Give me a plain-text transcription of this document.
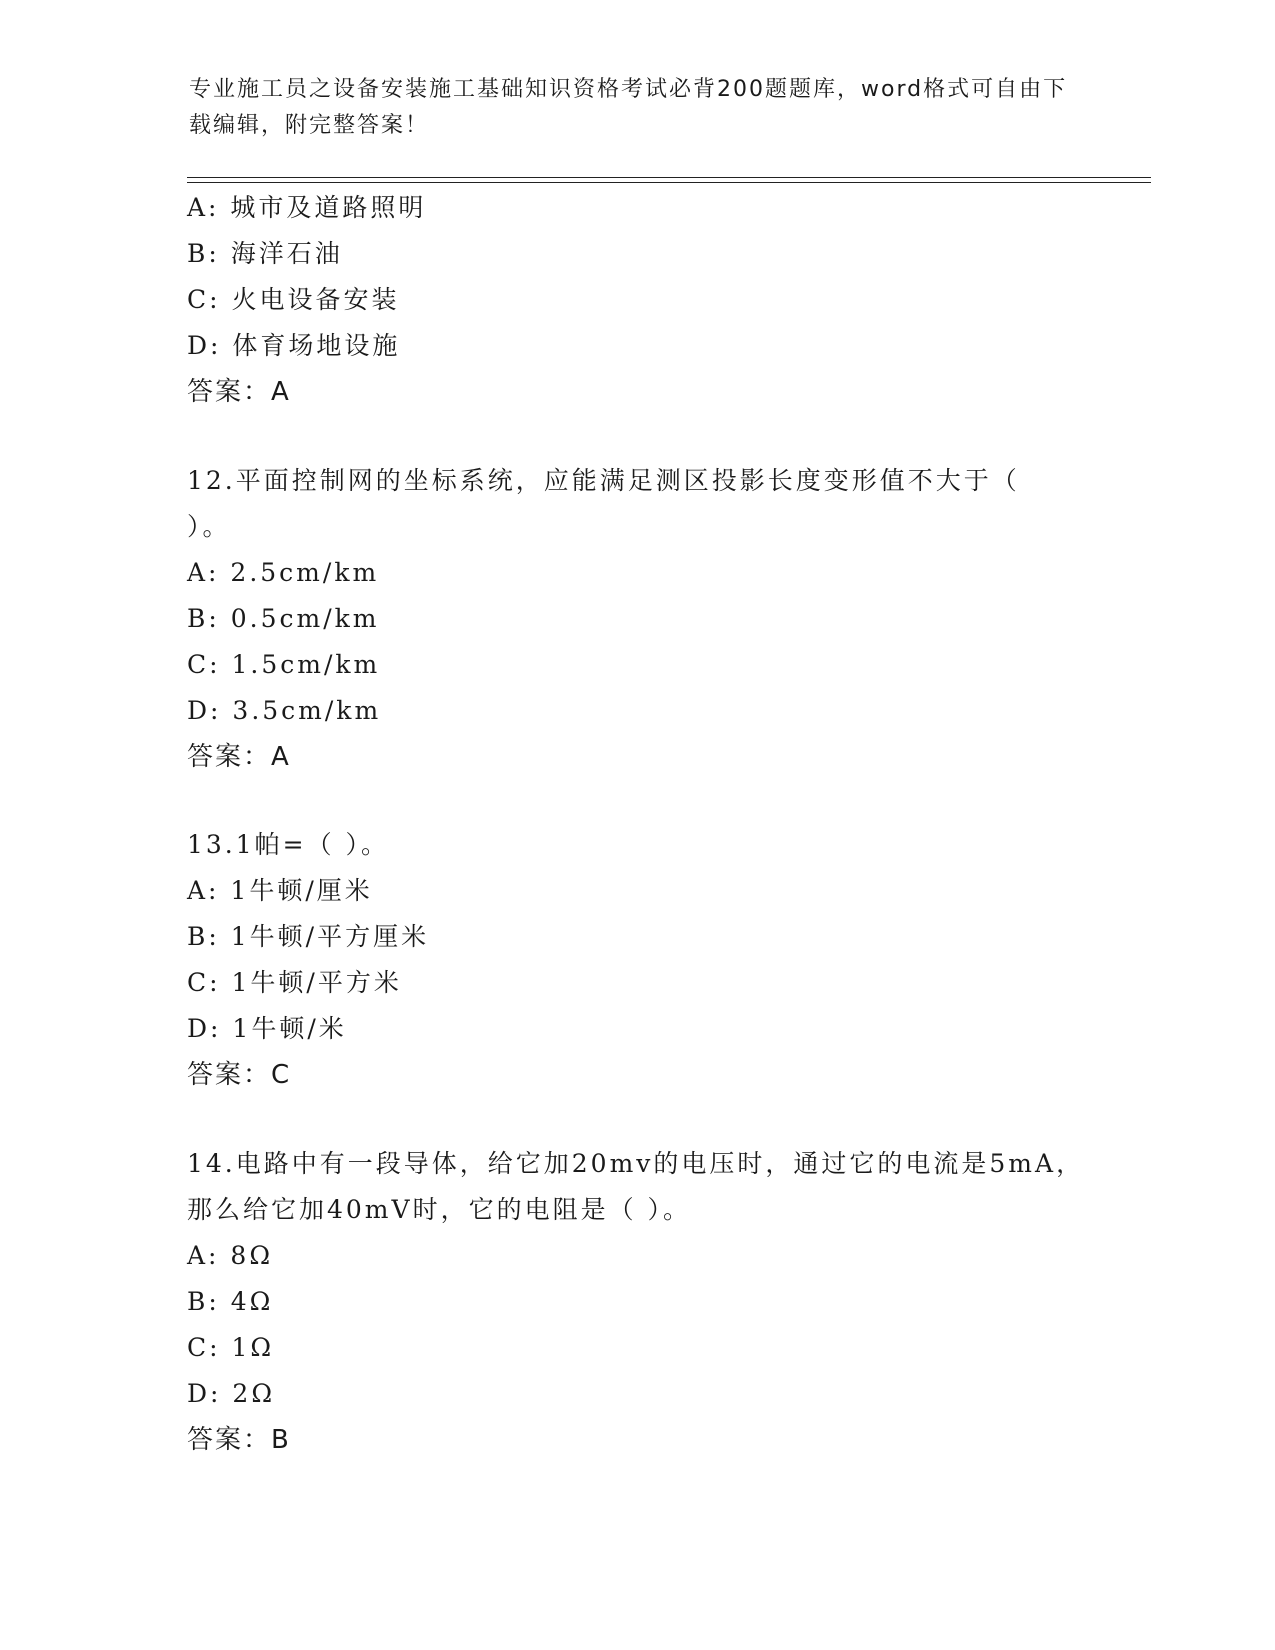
专业施工员之设备安装施工基础知识资格考试必背200题题库，word格式可自由下载编辑，附完整答案！
A: 城市及道路照明
B: 海洋石油
C: 火电设备安装
D: 体育场地设施
答案：A
12.平面控制网的坐标系统，应能满足测区投影长度变形值不大于（
）。
A: 2.5cm/km
B: 0.5cm/km
C: 1.5cm/km
D: 3.5cm/km
答案：A
13.1帕=（ ）。
A: 1牛顿/厘米
B: 1牛顿/平方厘米
C: 1牛顿/平方米
D: 1牛顿/米
答案：C
14.电路中有一段导体，给它加20mv的电压时，通过它的电流是5mA，
那么给它加40mV时，它的电阻是（ ）。
A: 8Ω
B: 4Ω
C: 1Ω
D: 2Ω
答案：B
